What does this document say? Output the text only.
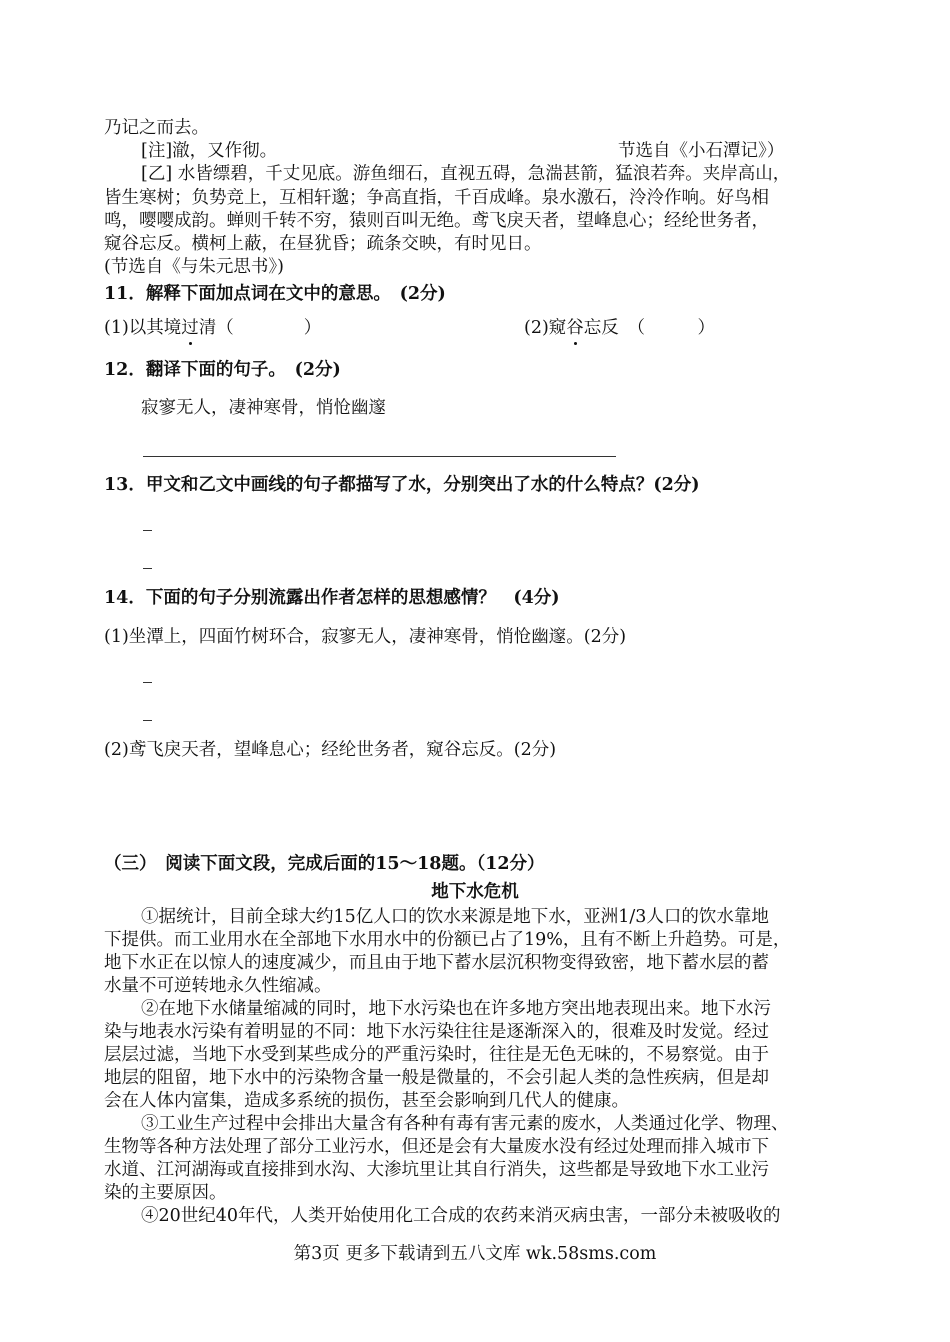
乃记之而去。
[注]澈，又作彻。	节选自《小石潭记》）
[乙] 水皆缥碧，千丈见底。游鱼细石，直视五碍，急湍甚箭，猛浪若奔。夹岸高山，
皆生寒树；负势竞上，互相轩邈；争高直指，千百成峰。泉水激石，泠泠作响。好鸟相
鸣，嘤嘤成韵。蝉则千转不穷，猿则百叫无绝。鸢飞戾天者，望峰息心；经纶世务者，
窥谷忘反。横柯上蔽，在昼犹昏；疏条交映，有时见日。
(节选自《与朱元思书》)
11．解释下面加点词在文中的意思。　(2分)
(1)以其境过清（　　　　）	(2)窥谷忘反　（　　　）
12．翻译下面的句子。　(2分)
寂寥无人，凄神寒骨，悄怆幽邃
13．甲文和乙文中画线的句子都描写了水，分别突出了水的什么特点？(2分)
14．下面的句子分别流露出作者怎样的思想感情？　(4分)
(1)坐潭上，四面竹树环合，寂寥无人，凄神寒骨，悄怆幽邃。(2分)
(2)鸢飞戾天者，望峰息心；经纶世务者，窥谷忘反。(2分)
（三）　阅读下面文段，完成后面的15～18题。（12分）
地下水危机
①据统计，目前全球大约15亿人口的饮水来源是地下水，亚洲1/3人口的饮水靠地
下提供。而工业用水在全部地下水用水中的份额已占了19%，且有不断上升趋势。可是，
地下水正在以惊人的速度减少，而且由于地下蓄水层沉积物变得致密，地下蓄水层的蓄
水量不可逆转地永久性缩减。
②在地下水储量缩减的同时，地下水污染也在许多地方突出地表现出来。地下水污
染与地表水污染有着明显的不同：地下水污染往往是逐渐深入的，很难及时发觉。经过
层层过滤，当地下水受到某些成分的严重污染时，往往是无色无味的，不易察觉。由于
地层的阻留，地下水中的污染物含量一般是微量的，不会引起人类的急性疾病，但是却
会在人体内富集，造成多系统的损伤，甚至会影响到几代人的健康。
③工业生产过程中会排出大量含有各种有毒有害元素的废水，人类通过化学、物理、
生物等各种方法处理了部分工业污水，但还是会有大量废水没有经过处理而排入城市下
水道、江河湖海或直接排到水沟、大渗坑里让其自行消失，这些都是导致地下水工业污
染的主要原因。
④20世纪40年代，人类开始使用化工合成的农药来消灭病虫害，一部分未被吸收的
第3页 更多下载请到五八文库 wk.58sms.com
